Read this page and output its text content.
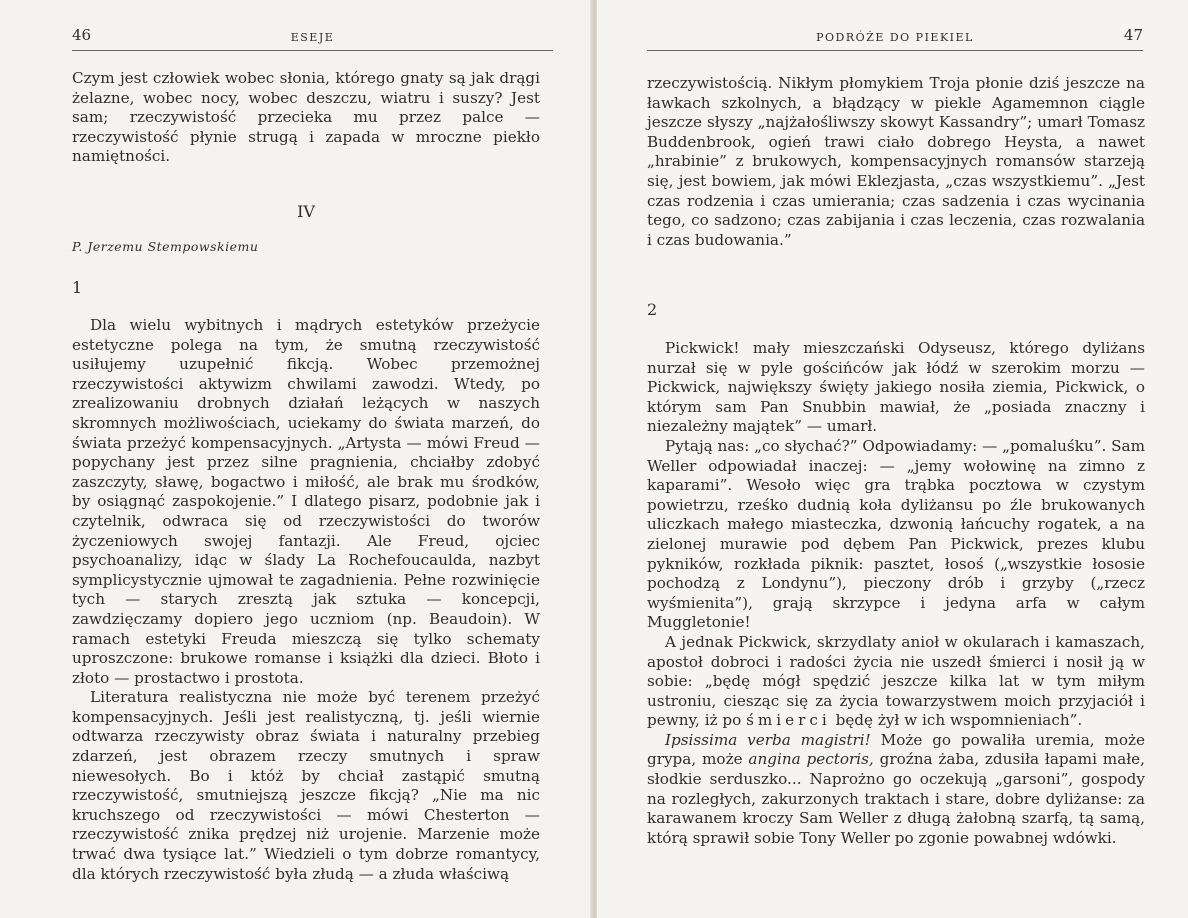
46	ESEJE

Czym jest człowiek wobec słonia, którego gnaty są jak drągi żelazne, wobec nocy, wobec deszczu, wiatru i suszy? Jest sam; rzeczywistość przecieka mu przez palce — rzeczywistość płynie strugą i zapada w mroczne piekło namiętności.

IV
P. Jerzemu Stempowskiemu
1

Dla wielu wybitnych i mądrych estetyków przeżycie estetyczne polega na tym, że smutną rzeczywistość usiłujemy uzupełnić fikcją. Wobec przemożnej rzeczywistości aktywizm chwilami zawodzi. Wtedy, po zrealizowaniu drobnych działań leżących w naszych skromnych możliwościach, uciekamy do świata marzeń, do świata przeżyć kompensacyjnych. „Artysta — mówi Freud — popychany jest przez silne pragnienia, chciałby zdobyć zaszczyty, sławę, bogactwo i miłość, ale brak mu środków, by osiągnąć zaspokojenie.” I dlatego pisarz, podobnie jak i czytelnik, odwraca się od rzeczywistości do tworów życzeniowych swojej fantazji. Ale Freud, ojciec psychoanalizy, idąc w ślady La Rochefoucaulda, nazbyt symplicystycznie ujmował te zagadnienia. Pełne rozwinięcie tych — starych zresztą jak sztuka — koncepcji, zawdzięczamy dopiero jego uczniom (np. Beaudoin). W ramach estetyki Freuda mieszczą się tylko schematy uproszczone: brukowe romanse i książki dla dzieci. Błoto i złoto — prostactwo i prostota.

Literatura realistyczna nie może być terenem przeżyć kompensacyjnych. Jeśli jest realistyczną, tj. jeśli wiernie odtwarza rzeczywisty obraz świata i naturalny przebieg zdarzeń, jest obrazem rzeczy smutnych i spraw niewesołych. Bo i któż by chciał zastąpić smutną rzeczywistość, smutniejszą jeszcze fikcją? „Nie ma nic kruchszego od rzeczywistości — mówi Chesterton — rzeczywistość znika prędzej niż urojenie. Marzenie może trwać dwa tysiące lat.” Wiedzieli o tym dobrze romantycy, dla których rzeczywistość była złudą — a złuda właściwą

PODRÓŻE DO PIEKIEL	47

rzeczywistością. Nikłym płomykiem Troja płonie dziś jeszcze na ławkach szkolnych, a błądzący w piekle Agamemnon ciągle jeszcze słyszy „najżałośliwszy skowyt Kassandry”; umarł Tomasz Buddenbrook, ogień trawi ciało dobrego Heysta, a nawet „hrabinie” z brukowych, kompensacyjnych romansów starzeją się, jest bowiem, jak mówi Eklezjasta, „czas wszystkiemu”. „Jest czas rodzenia i czas umierania; czas sadzenia i czas wycinania tego, co sadzono; czas zabijania i czas leczenia, czas rozwalania i czas budowania.”

2

Pickwick! mały mieszczański Odyseusz, którego dyliżans nurzał się w pyle gościńców jak łódź w szerokim morzu — Pickwick, największy święty jakiego nosiła ziemia, Pickwick, o którym sam Pan Snubbin mawiał, że „posiada znaczny i niezależny majątek” — umarł.

Pytają nas: „co słychać?” Odpowiadamy: — „pomaluśku”. Sam Weller odpowiadał inaczej: — „jemy wołowinę na zimno z kaparami”. Wesoło więc gra trąbka pocztowa w czystym powietrzu, rześko dudnią koła dyliżansu po źle brukowanych uliczkach małego miasteczka, dzwonią łańcuchy rogatek, a na zielonej murawie pod dębem Pan Pickwick, prezes klubu pykników, rozkłada piknik: pasztet, łosoś („wszystkie łososie pochodzą z Londynu”), pieczony drób i grzyby („rzecz wyśmienita”), grają skrzypce i jedyna arfa w całym Muggletonie!

A jednak Pickwick, skrzydlaty anioł w okularach i kamaszach, apostoł dobroci i radości życia nie uszedł śmierci i nosił ją w sobie: „będę mógł spędzić jeszcze kilka lat w tym miłym ustroniu, ciesząc się za życia towarzystwem moich przyjaciół i pewny, iż po śmierci będę żył w ich wspomnieniach”.

Ipsissima verba magistri! Może go powaliła uremia, może grypa, może angina pectoris, groźna żaba, zdusiła łapami małe, słodkie serduszko... Naprożno go oczekują „garsoni”, gospody na rozległych, zakurzonych traktach i stare, dobre dyliżanse: za karawanem kroczy Sam Weller z długą żałobną szarfą, tą samą, którą sprawił sobie Tony Weller po zgonie powabnej wdówki.
